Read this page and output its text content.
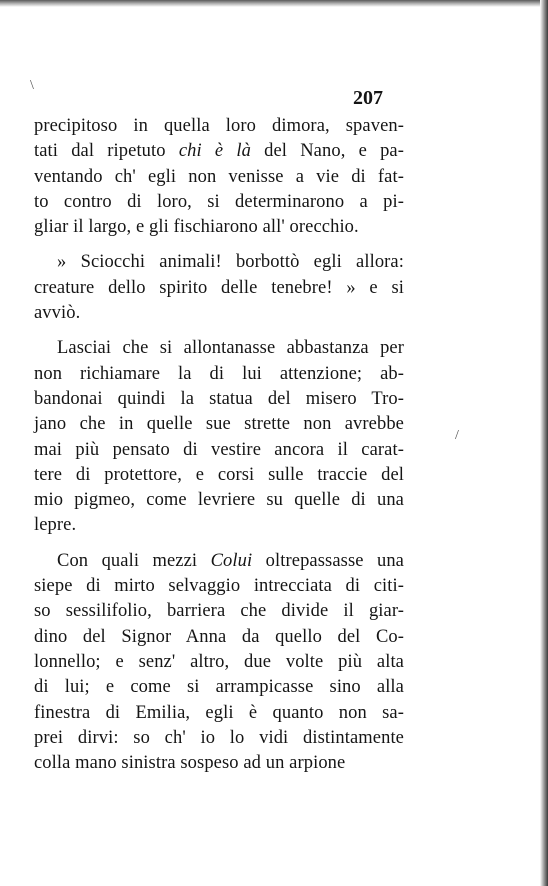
207
precipitoso in quella loro dimora, spaven-
tati dal ripetuto chi è là del Nano, e pa-
ventando ch' egli non venisse a vie di fat-
to contro di loro, si determinarono a pi-
gliar il largo, e gli fischiarono all' orecchio.
» Sciocchi animali! borbottò egli allora:
creature dello spirito delle tenebre! » e si
avviò.
Lasciai che si allontanasse abbastanza per
non richiamare la di lui attenzione; ab-
bandonai quindi la statua del misero Tro-
jano che in quelle sue strette non avrebbe
mai più pensato di vestire ancora il carat-
tere di protettore, e corsi sulle traccie del
mio pigmeo, come levriere su quelle di una
lepre.
Con quali mezzi Colui oltrepassasse una
siepe di mirto selvaggio intrecciata di citi-
so sessilifolio, barriera che divide il giar-
dino del Signor Anna da quello del Co-
lonnello; e senz' altro, due volte più alta
di lui; e come si arrampicasse sino alla
finestra di Emilia, egli è quanto non sa-
prei dirvi: so ch' io lo vidi distintamente
colla mano sinistra sospeso ad un arpione
/
\
